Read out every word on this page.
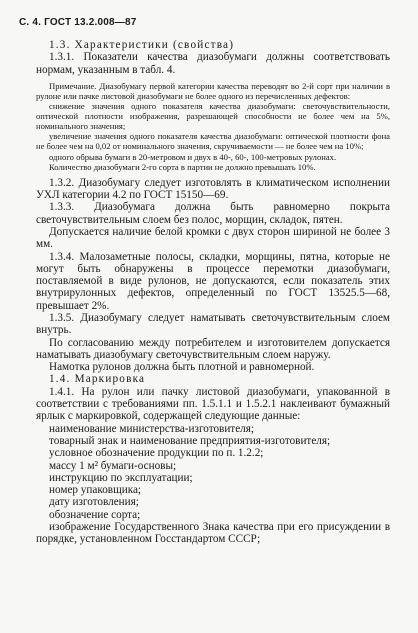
С. 4. ГОСТ 13.2.008—87

1.3. Характеристики (свойства)

1.3.1. Показатели качества диазобумаги должны соответствовать нормам, указанным в табл. 4.

Примечание. Диазобумагу первой категории качества переводят во 2-й сорт при наличии в рулоне или пачке листовой диазобумаги не более одного из перечисленных дефектов:

снижение значения одного показателя качества диазобумаги: светочувствительности, оптической плотности изображения, разрешающей способности не более чем на 5%, номинального значения;

увеличение значения одного показателя качества диазобумаги: оптической плотности фона не более чем на 0,02 от номинального значения, скручиваемости — не более чем на 10%;

одного обрыва бумаги в 20-метровом и двух в 40-, 60-, 100-метровых рулонах.

Количество диазобумаги 2-го сорта в партии не должно превышать 10%.

1.3.2. Диазобумагу следует изготовлять в климатическом исполнении УХЛ категории 4.2 по ГОСТ 15150—69.

1.3.3. Диазобумага должна быть равномерно покрыта светочувствительным слоем без полос, морщин, складок, пятен.

Допускается наличие белой кромки с двух сторон шириной не более 3 мм.

1.3.4. Малозаметные полосы, складки, морщины, пятна, которые не могут быть обнаружены в процессе перемотки диазобумаги, поставляемой в виде рулонов, не допускаются, если показатель этих внутрирулонных дефектов, определенный по ГОСТ 13525.5—68, превышает 2%.

1.3.5. Диазобумагу следует наматывать светочувствительным слоем внутрь.

По согласованию между потребителем и изготовителем допускается наматывать диазобумагу светочувствительным слоем наружу.

Намотка рулонов должна быть плотной и равномерной.

1.4. Маркировка

1.4.1. На рулон или пачку листовой диазобумаги, упакованной в соответствии с требованиями пп. 1.5.1.1 и 1.5.2.1 наклеивают бумажный ярлык с маркировкой, содержащей следующие данные:

наименование министерства-изготовителя;
товарный знак и наименование предприятия-изготовителя;
условное обозначение продукции по п. 1.2.2;
массу 1 м² бумаги-основы;
инструкцию по эксплуатации;
номер упаковщика;
дату изготовления;
обозначение сорта;
изображение Государственного Знака качества при его присуждении в порядке, установленном Госстандартом СССР;
